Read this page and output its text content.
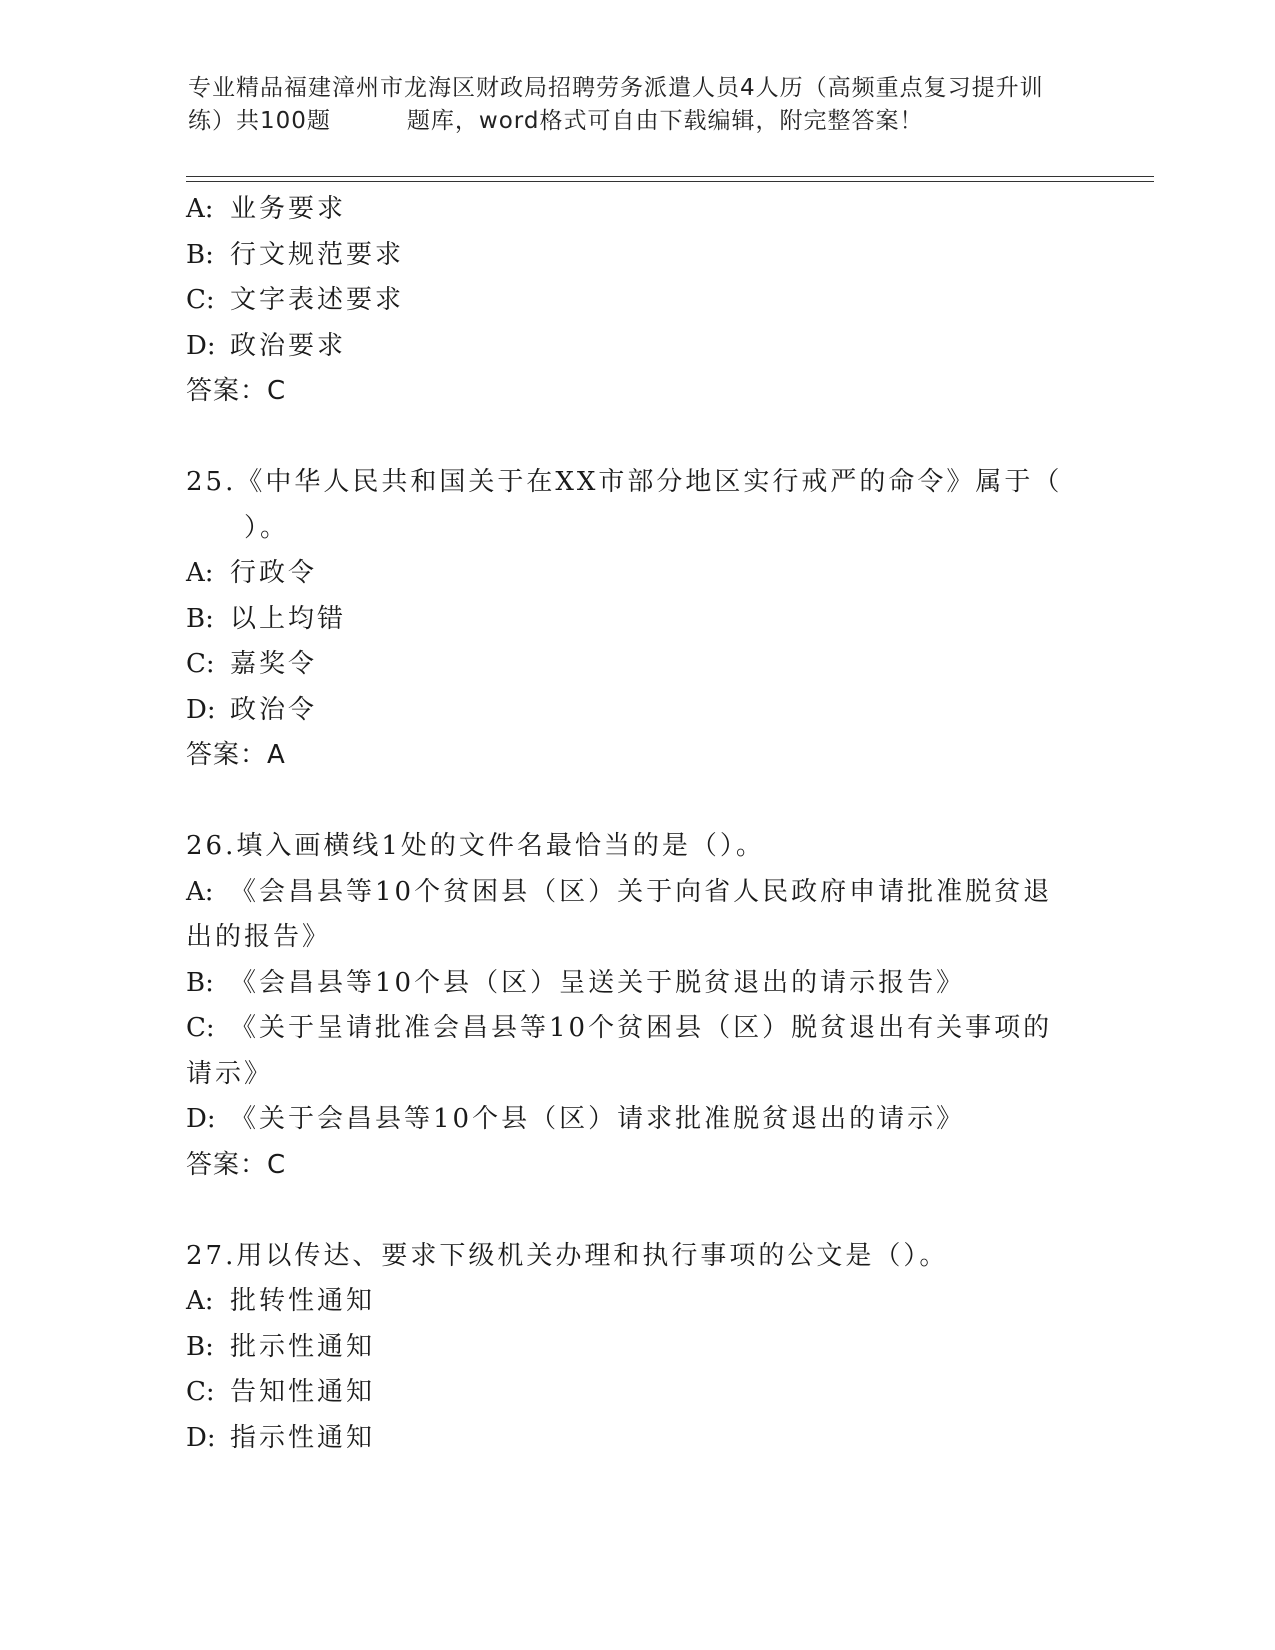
专业精品福建漳州市龙海区财政局招聘劳务派遣人员4人历（高频重点复习提升训
练）共100题	题库，word格式可自由下载编辑，附完整答案！
A: 业务要求
B: 行文规范要求
C: 文字表述要求
D: 政治要求
答案：C
25.《中华人民共和国关于在XX市部分地区实行戒严的命令》属于（
）。
A: 行政令
B: 以上均错
C: 嘉奖令
D: 政治令
答案：A
26.填入画横线1处的文件名最恰当的是（）。
A: 《会昌县等10个贫困县（区）关于向省人民政府申请批准脱贫退
出的报告》
B: 《会昌县等10个县（区）呈送关于脱贫退出的请示报告》
C: 《关于呈请批准会昌县等10个贫困县（区）脱贫退出有关事项的
请示》
D: 《关于会昌县等10个县（区）请求批准脱贫退出的请示》
答案：C
27.用以传达、要求下级机关办理和执行事项的公文是（）。
A: 批转性通知
B: 批示性通知
C: 告知性通知
D: 指示性通知
